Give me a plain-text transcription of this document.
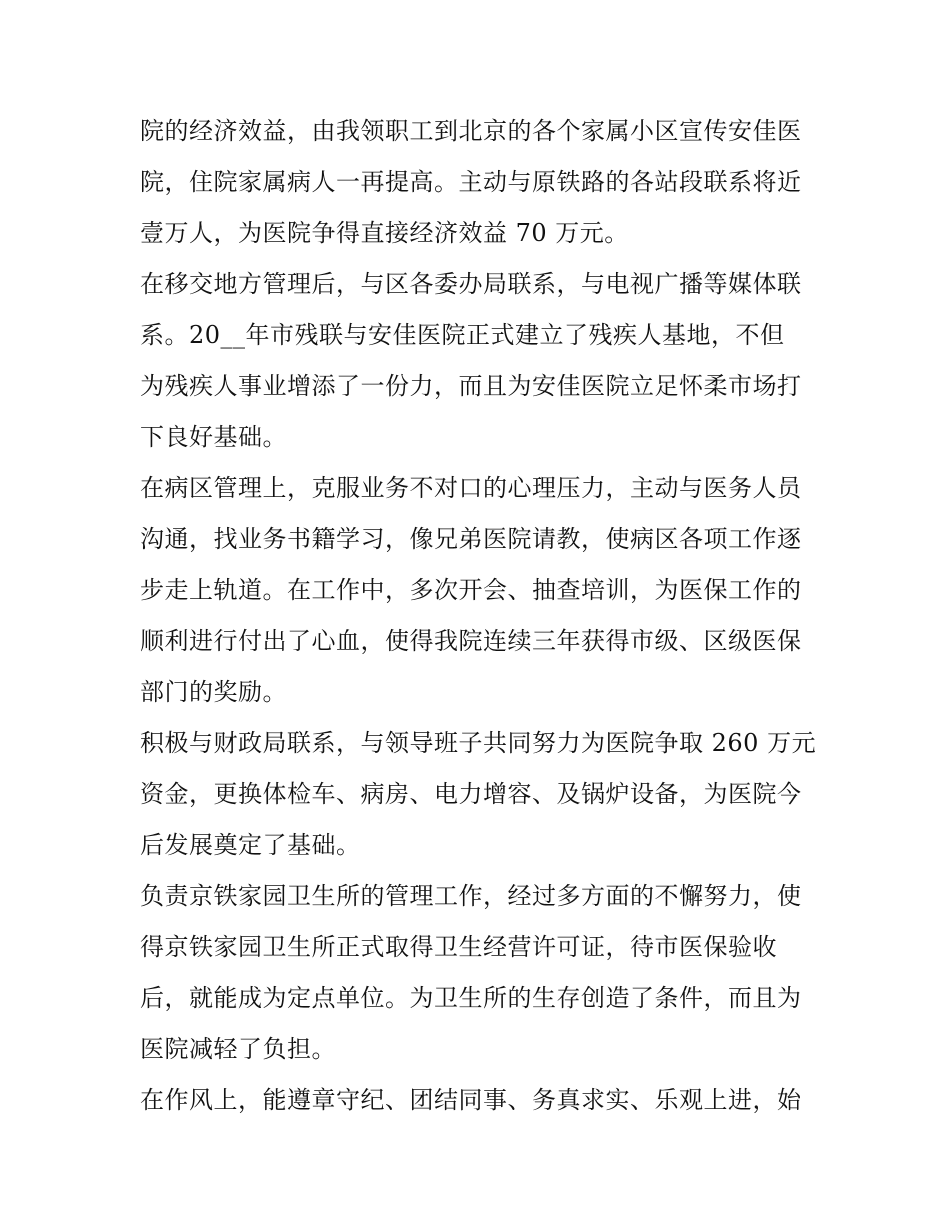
院的经济效益，由我领职工到北京的各个家属小区宣传安佳医
院，住院家属病人一再提高。主动与原铁路的各站段联系将近
壹万人，为医院争得直接经济效益 70 万元。

在移交地方管理后，与区各委办局联系，与电视广播等媒体联
系。20__年市残联与安佳医院正式建立了残疾人基地，不但
为残疾人事业增添了一份力，而且为安佳医院立足怀柔市场打
下良好基础。

在病区管理上，克服业务不对口的心理压力，主动与医务人员
沟通，找业务书籍学习，像兄弟医院请教，使病区各项工作逐
步走上轨道。在工作中，多次开会、抽查培训，为医保工作的
顺利进行付出了心血，使得我院连续三年获得市级、区级医保
部门的奖励。

积极与财政局联系，与领导班子共同努力为医院争取 260 万元
资金，更换体检车、病房、电力增容、及锅炉设备，为医院今
后发展奠定了基础。

负责京铁家园卫生所的管理工作，经过多方面的不懈努力，使
得京铁家园卫生所正式取得卫生经营许可证，待市医保验收
后，就能成为定点单位。为卫生所的生存创造了条件，而且为
医院减轻了负担。

在作风上，能遵章守纪、团结同事、务真求实、乐观上进，始
